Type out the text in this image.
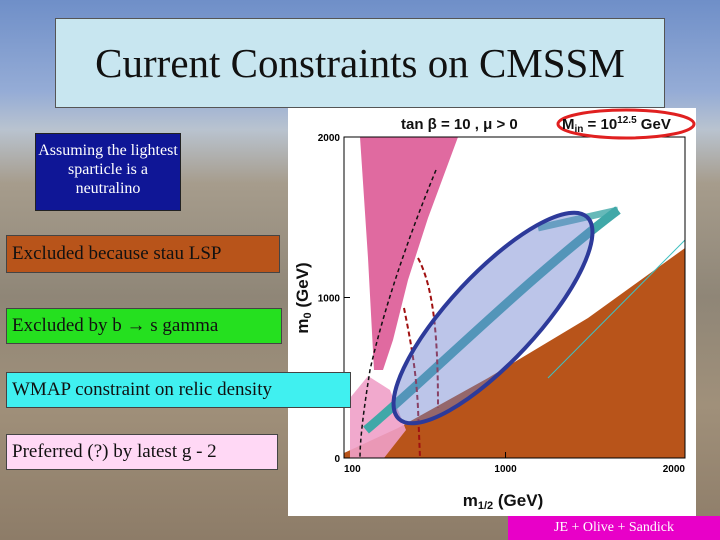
Current Constraints on CMSSM
Assuming the lightest sparticle is a neutralino
tan β = 10 , μ > 0	$M_{in} = 10^{12.5}$ GeV
0
1000
2000
100	1000	2000
m0 (GeV)
m1/2 (GeV)
Excluded because stau LSP
Excluded by b → s gamma
WMAP constraint on relic density
Preferred (?) by latest g - 2
JE + Olive + Sandick
